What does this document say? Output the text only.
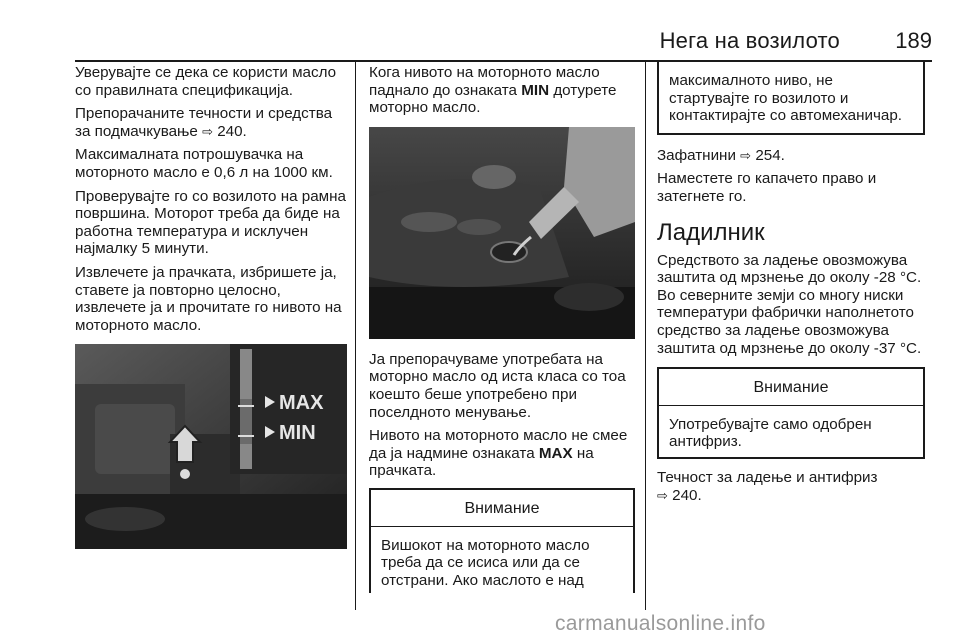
Нега на возилото	189

Уверувајте се дека се користи масло со правилната спецификација.

Препорачаните течности и средства за подмачкување ⇨ 240.

Максималната потрошувачка на моторното масло е 0,6 л на 1000 км.

Проверувајте го со возилото на рамна површина. Моторот треба да биде на работна температура и исклучен најмалку 5 минути.

Извлечете ја прачката, избришете ја, ставете ја повторно целосно, извлечете ја и прочитате го нивото на моторното масло.

MAX
MIN

Кога нивото на моторното масло паднало до ознаката MIN дотурете моторно масло.

Ја препорачуваме употребата на моторно масло од иста класа со тоа коешто беше употребено при поселдното менување.

Нивото на моторното масло не смее да ја надмине ознаката MAX на прачката.

Внимание
Вишокот на моторното масло треба да се исиса или да се отстрани. Ако маслото е над
максималното ниво, не стартувајте го возилото и контактирајте со автомеханичар.

Зафатнини ⇨ 254.

Наместете го капачето право и затегнете го.

Ладилник

Средството за ладење овозможува заштита од мрзнење до околу -28 °C. Во северните земји со многу ниски температури фабрички наполнетото средство за ладење овозможува заштита од мрзнење до околу -37 °C.

Внимание
Употребувајте само одобрен антифриз.

Течност за ладење и антифриз
⇨ 240.

carmanualsonline.info
